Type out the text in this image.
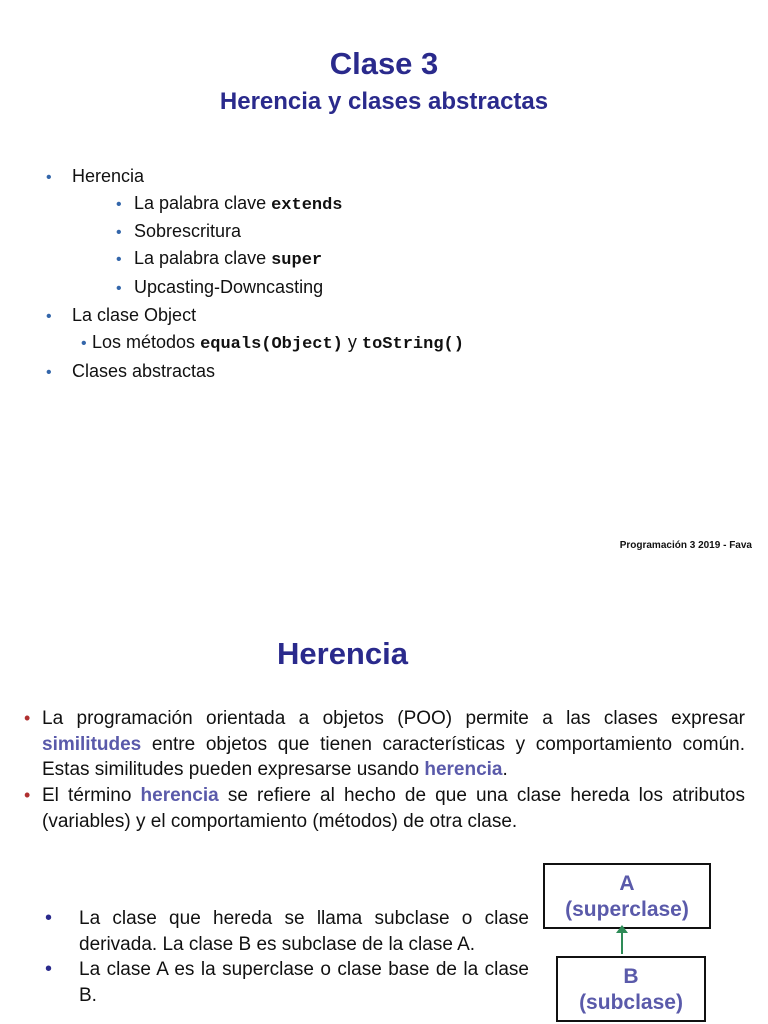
Clase 3
Herencia y clases abstractas
• Herencia
• La palabra clave extends
• Sobrescritura
• La palabra clave super
• Upcasting-Downcasting
• La clase Object
• Los métodos equals(Object) y toString()
• Clases abstractas
Programación 3 2019 - Fava
Herencia
• La programación orientada a objetos (POO) permite a las clases expresar similitudes entre objetos que tienen características y comportamiento común. Estas similitudes pueden expresarse usando herencia.
• El término herencia se refiere al hecho de que una clase hereda los atributos (variables) y el comportamiento (métodos) de otra clase.
• La clase que hereda se llama subclase o clase derivada. La clase B es subclase de la clase A.
• La clase A es la superclase o clase base de la clase B.
A
(superclase)
B
(subclase)
